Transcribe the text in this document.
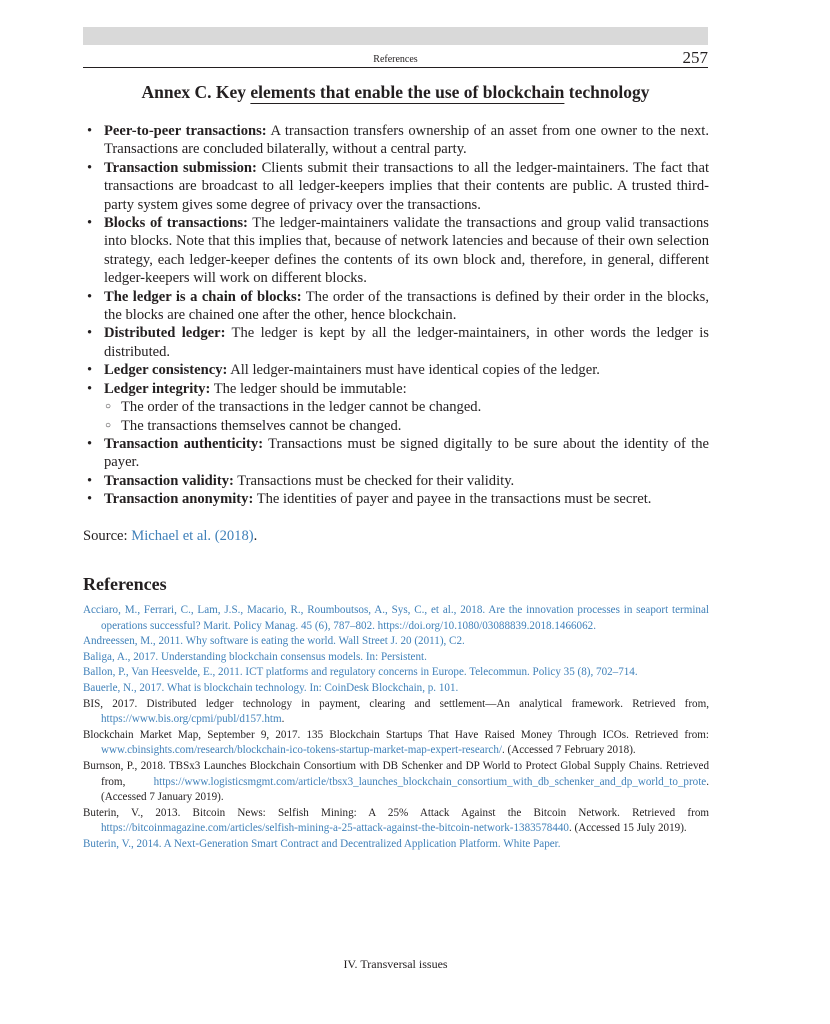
References	257
Annex C. Key elements that enable the use of blockchain technology
• Peer-to-peer transactions: A transaction transfers ownership of an asset from one owner to the next. Transactions are concluded bilaterally, without a central party.
• Transaction submission: Clients submit their transactions to all the ledger-maintainers. The fact that transactions are broadcast to all ledger-keepers implies that their contents are public. A trusted third-party system gives some degree of privacy over the transactions.
• Blocks of transactions: The ledger-maintainers validate the transactions and group valid transactions into blocks. Note that this implies that, because of network latencies and because of their own selection strategy, each ledger-keeper defines the contents of its own block and, therefore, in general, different ledger-keepers will work on different blocks.
• The ledger is a chain of blocks: The order of the transactions is defined by their order in the blocks, the blocks are chained one after the other, hence blockchain.
• Distributed ledger: The ledger is kept by all the ledger-maintainers, in other words the ledger is distributed.
• Ledger consistency: All ledger-maintainers must have identical copies of the ledger.
• Ledger integrity: The ledger should be immutable:
○ The order of the transactions in the ledger cannot be changed.
○ The transactions themselves cannot be changed.
• Transaction authenticity: Transactions must be signed digitally to be sure about the identity of the payer.
• Transaction validity: Transactions must be checked for their validity.
• Transaction anonymity: The identities of payer and payee in the transactions must be secret.
Source: Michael et al. (2018).
References
Acciaro, M., Ferrari, C., Lam, J.S., Macario, R., Roumboutsos, A., Sys, C., et al., 2018. Are the innovation processes in seaport terminal operations successful? Marit. Policy Manag. 45 (6), 787–802. https://doi.org/10.1080/03088839.2018.1466062.
Andreessen, M., 2011. Why software is eating the world. Wall Street J. 20 (2011), C2.
Baliga, A., 2017. Understanding blockchain consensus models. In: Persistent.
Ballon, P., Van Heesvelde, E., 2011. ICT platforms and regulatory concerns in Europe. Telecommun. Policy 35 (8), 702–714.
Bauerle, N., 2017. What is blockchain technology. In: CoinDesk Blockchain, p. 101.
BIS, 2017. Distributed ledger technology in payment, clearing and settlement—An analytical framework. Retrieved from, https://www.bis.org/cpmi/publ/d157.htm.
Blockchain Market Map, September 9, 2017. 135 Blockchain Startups That Have Raised Money Through ICOs. Retrieved from: www.cbinsights.com/research/blockchain-ico-tokens-startup-market-map-expert-research/. (Accessed 7 February 2018).
Burnson, P., 2018. TBSx3 Launches Blockchain Consortium with DB Schenker and DP World to Protect Global Supply Chains. Retrieved from, https://www.logisticsmgmt.com/article/tbsx3_launches_blockchain_consortium_with_db_schenker_and_dp_world_to_prote. (Accessed 7 January 2019).
Buterin, V., 2013. Bitcoin News: Selfish Mining: A 25% Attack Against the Bitcoin Network. Retrieved from https://bitcoinmagazine.com/articles/selfish-mining-a-25-attack-against-the-bitcoin-network-1383578440. (Accessed 15 July 2019).
Buterin, V., 2014. A Next-Generation Smart Contract and Decentralized Application Platform. White Paper.
IV. Transversal issues
